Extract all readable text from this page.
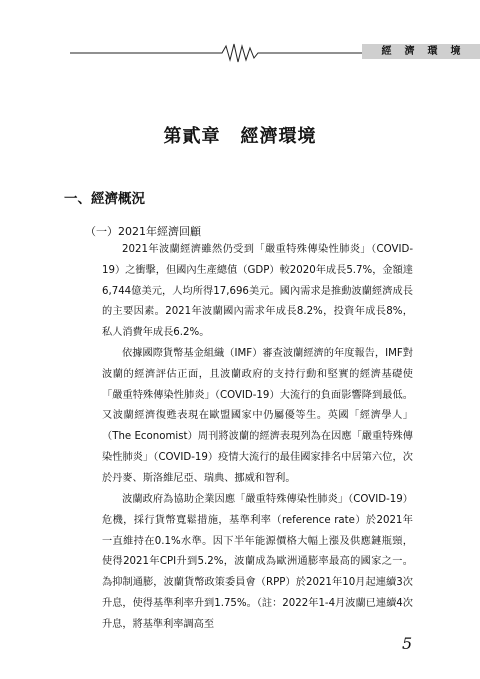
經濟環境
第貳章 經濟環境
一、經濟概況
（一）2021年經濟回顧

2021年波蘭經濟雖然仍受到「嚴重特殊傳染性肺炎」（COVID-19）之衝擊，但國內生產總值（GDP）較2020年成長5.7%，金額達6,744億美元，人均所得17,696美元。國內需求是推動波蘭經濟成長的主要因素。2021年波蘭國內需求年成長8.2%，投資年成長8%，私人消費年成長6.2%。

依據國際貨幣基金組織（IMF）審查波蘭經濟的年度報告，IMF對波蘭的經濟評估正面，且波蘭政府的支持行動和堅實的經濟基礎使「嚴重特殊傳染性肺炎」（COVID-19）大流行的負面影響降到最低。又波蘭經濟復甦表現在歐盟國家中仍屬優等生。英國「經濟學人」（The Economist）周刊將波蘭的經濟表現列為在因應「嚴重特殊傳染性肺炎」（COVID-19）疫情大流行的最佳國家排名中居第六位，次於丹麥、斯洛維尼亞、瑞典、挪威和智利。

波蘭政府為協助企業因應「嚴重特殊傳染性肺炎」（COVID-19）危機，採行貨幣寬鬆措施，基準利率（reference rate）於2021年一直維持在0.1%水準。因下半年能源價格大幅上漲及供應鏈瓶頸，使得2021年CPI升到5.2%，波蘭成為歐洲通膨率最高的國家之一。為抑制通膨，波蘭貨幣政策委員會（RPP）於2021年10月起連續3次升息，使得基準利率升到1.75%。（註：2022年1-4月波蘭已連續4次升息，將基準利率調高至

5
